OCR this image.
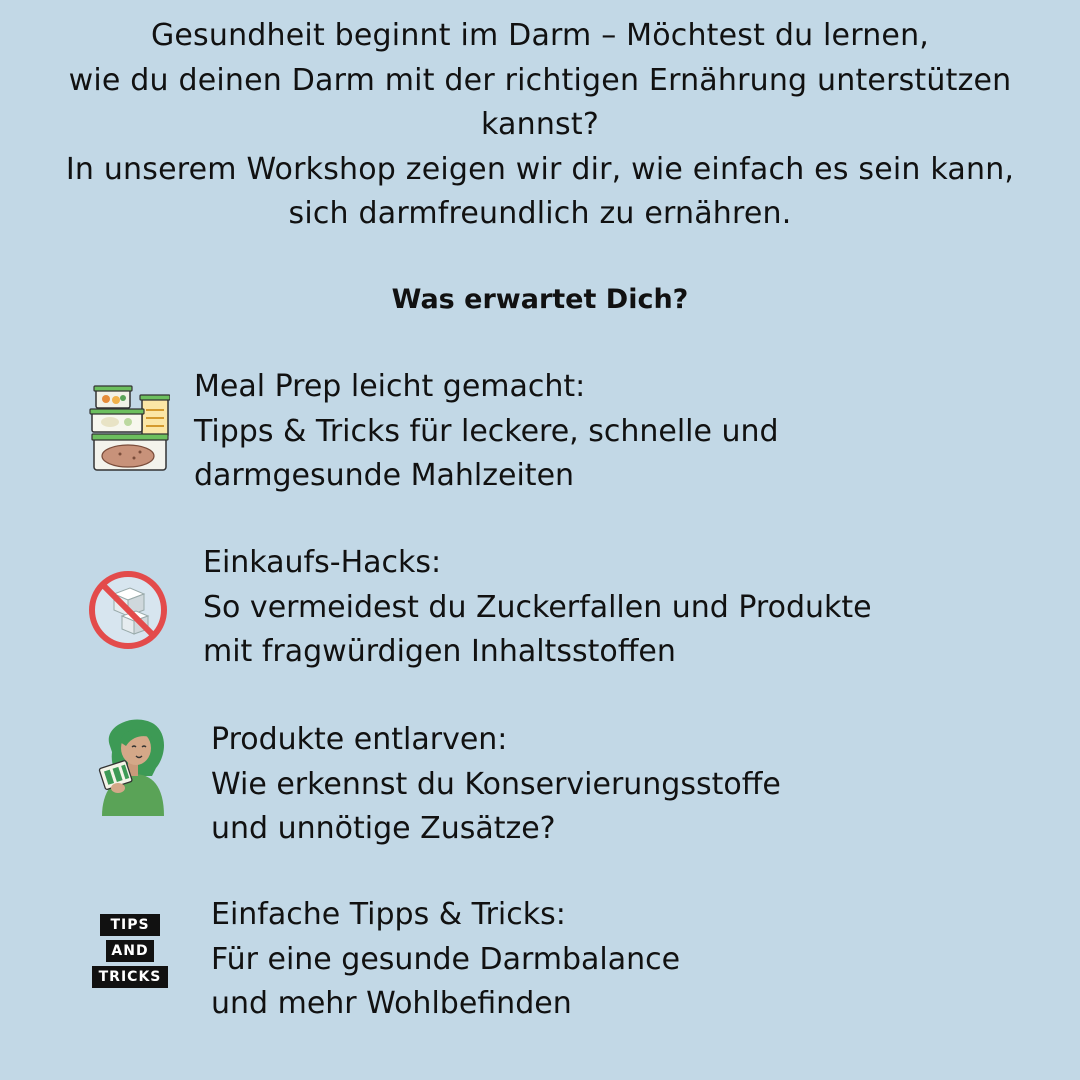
Gesundheit beginnt im Darm – Möchtest du lernen,
wie du deinen Darm mit der richtigen Ernährung unterstützen
kannst?
In unserem Workshop zeigen wir dir, wie einfach es sein kann,
sich darmfreundlich zu ernähren.
Was erwartet Dich?
Meal Prep leicht gemacht:
Tipps & Tricks für leckere, schnelle und
darmgesunde Mahlzeiten
Einkaufs-Hacks:
So vermeidest du Zuckerfallen und Produkte
mit fragwürdigen Inhaltsstoffen
Produkte entlarven:
Wie erkennst du Konservierungsstoffe
und unnötige Zusätze?
TIPS
AND
TRICKS
Einfache Tipps & Tricks:
Für eine gesunde Darmbalance
und mehr Wohlbefinden
